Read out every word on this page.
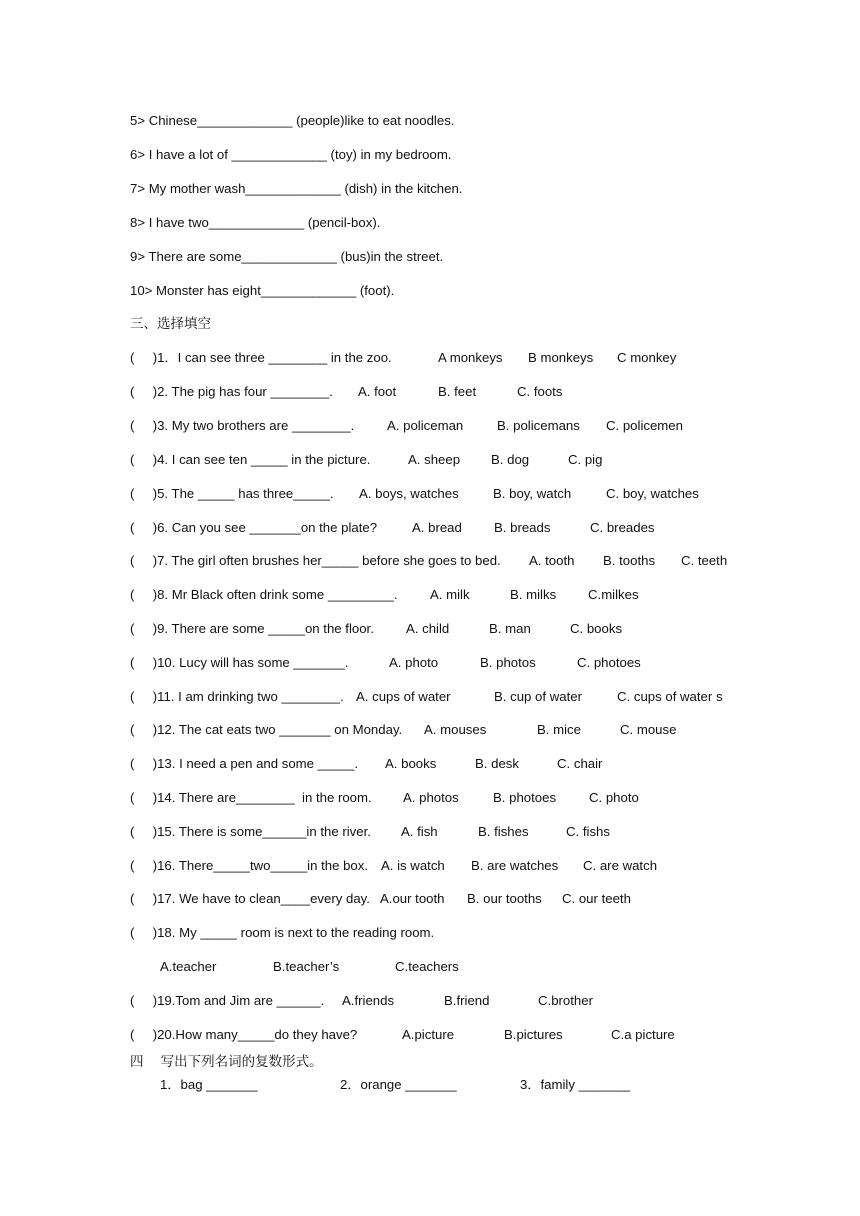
5> Chinese_____________ (people)like to eat noodles.
6> I have a lot of _____________ (toy) in my bedroom.
7> My mother wash_____________ (dish) in the kitchen.
8> I have two_____________ (pencil-box).
9> There are some_____________ (bus)in the street.
10> Monster has eight_____________ (foot).
三、选择填空
(     )1．I can see three ________ in the zoo.	A monkeys B monkeys C monkey
(     )2. The pig has four ________. A. foot	B. feet	C. foots
(     )3. My two brothers are ________. A. policeman	B. policemans C. policemen
(     )4. I can see ten _____ in the picture.	A. sheep B. dog	C. pig
(     )5. The _____ has three_____. A. boys, watches	B. boy, watch	C. boy, watches
(     )6. Can you see _______on the plate?	A. bread B. breads	C. breades
(     )7. The girl often brushes her_____ before she goes to bed. A. tooth B. tooths C. teeth
(     )8. Mr Black often drink some _________. A. milk	B. milks C.milkes
(     )9. There are some _____on the floor. A. child	B. man	C. books
(     )10. Lucy will has some _______.	A. photo	B. photos	C. photoes
(     )11. I am drinking two ________. A. cups of water	B. cup of water	C. cups of water s
(     )12. The cat eats two _______ on Monday. A. mouses	B. mice	C. mouse
(     )13. I need a pen and some _____. A. books	B. desk	C. chair
(     )14. There are________  in the room. A. photos	B. photoes C. photo
(     )15. There is some______in the river. A. fish	B. fishes	C. fishs
(     )16. There_____two_____in the box. A. is watch B. are watches C. are watch
(     )17. We have to clean____every day. A.our tooth B. our tooths C. our teeth
(     )18. My _____ room is next to the reading room.
A.teacher	B.teacher’s	C.teachers
(     )19.Tom and Jim are ______. A.friends	B.friend	C.brother
(     )20.How many_____do they have?	A.picture	B.pictures	C.a picture
四    写出下列名词的复数形式。
1．bag _______	2．orange _______	3．family _______
